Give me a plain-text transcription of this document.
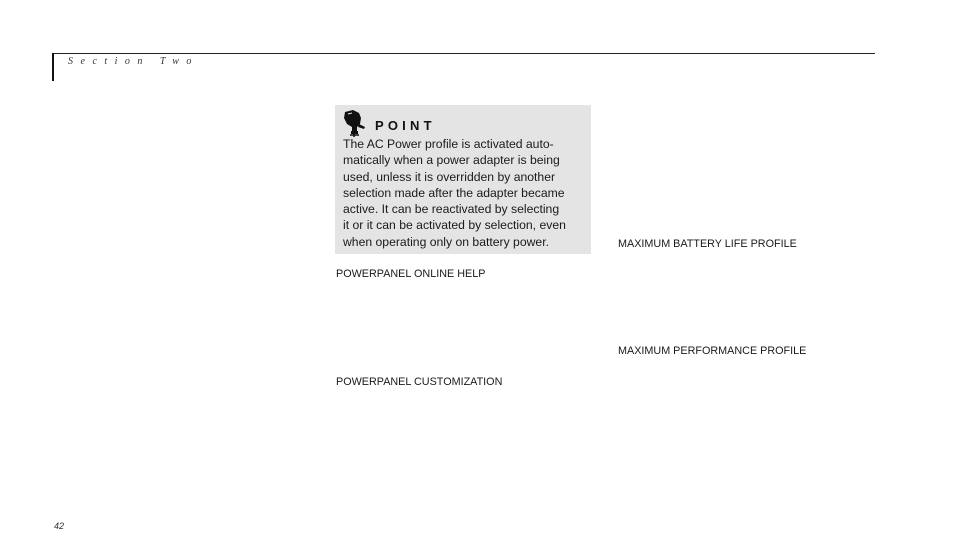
Section Two
POINT
The AC Power profile is activated auto-
matically when a power adapter is being
used, unless it is overridden by another
selection made after the adapter became
active. It can be reactivated by selecting
it or it can be activated by selection, even
when operating only on battery power.
POWERPANEL ONLINE HELP
POWERPANEL CUSTOMIZATION
MAXIMUM BATTERY LIFE PROFILE
MAXIMUM PERFORMANCE PROFILE
42
